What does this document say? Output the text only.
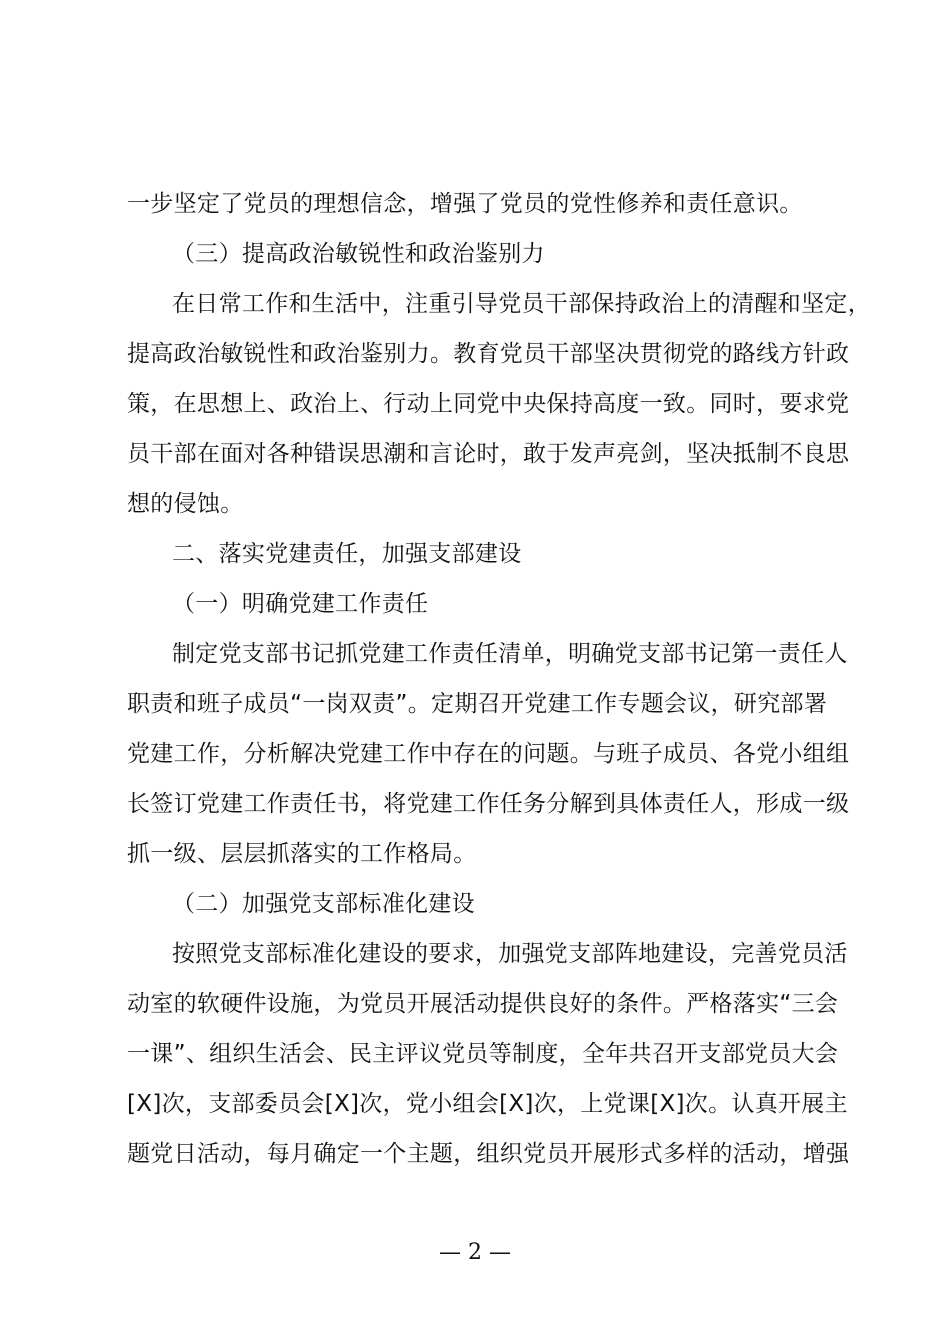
一步坚定了党员的理想信念，增强了党员的党性修养和责任意识。
（三）提高政治敏锐性和政治鉴别力
在日常工作和生活中，注重引导党员干部保持政治上的清醒和坚定，
提高政治敏锐性和政治鉴别力。教育党员干部坚决贯彻党的路线方针政
策，在思想上、政治上、行动上同党中央保持高度一致。同时，要求党
员干部在面对各种错误思潮和言论时，敢于发声亮剑，坚决抵制不良思
想的侵蚀。
二、落实党建责任，加强支部建设
（一）明确党建工作责任
制定党支部书记抓党建工作责任清单，明确党支部书记第一责任人
职责和班子成员“一岗双责”。定期召开党建工作专题会议，研究部署
党建工作，分析解决党建工作中存在的问题。与班子成员、各党小组组
长签订党建工作责任书，将党建工作任务分解到具体责任人，形成一级
抓一级、层层抓落实的工作格局。
（二）加强党支部标准化建设
按照党支部标准化建设的要求，加强党支部阵地建设，完善党员活
动室的软硬件设施，为党员开展活动提供良好的条件。严格落实“三会
一课”、组织生活会、民主评议党员等制度，全年共召开支部党员大会
[X]次，支部委员会[X]次，党小组会[X]次，上党课[X]次。认真开展主
题党日活动，每月确定一个主题，组织党员开展形式多样的活动，增强
— 2 —
